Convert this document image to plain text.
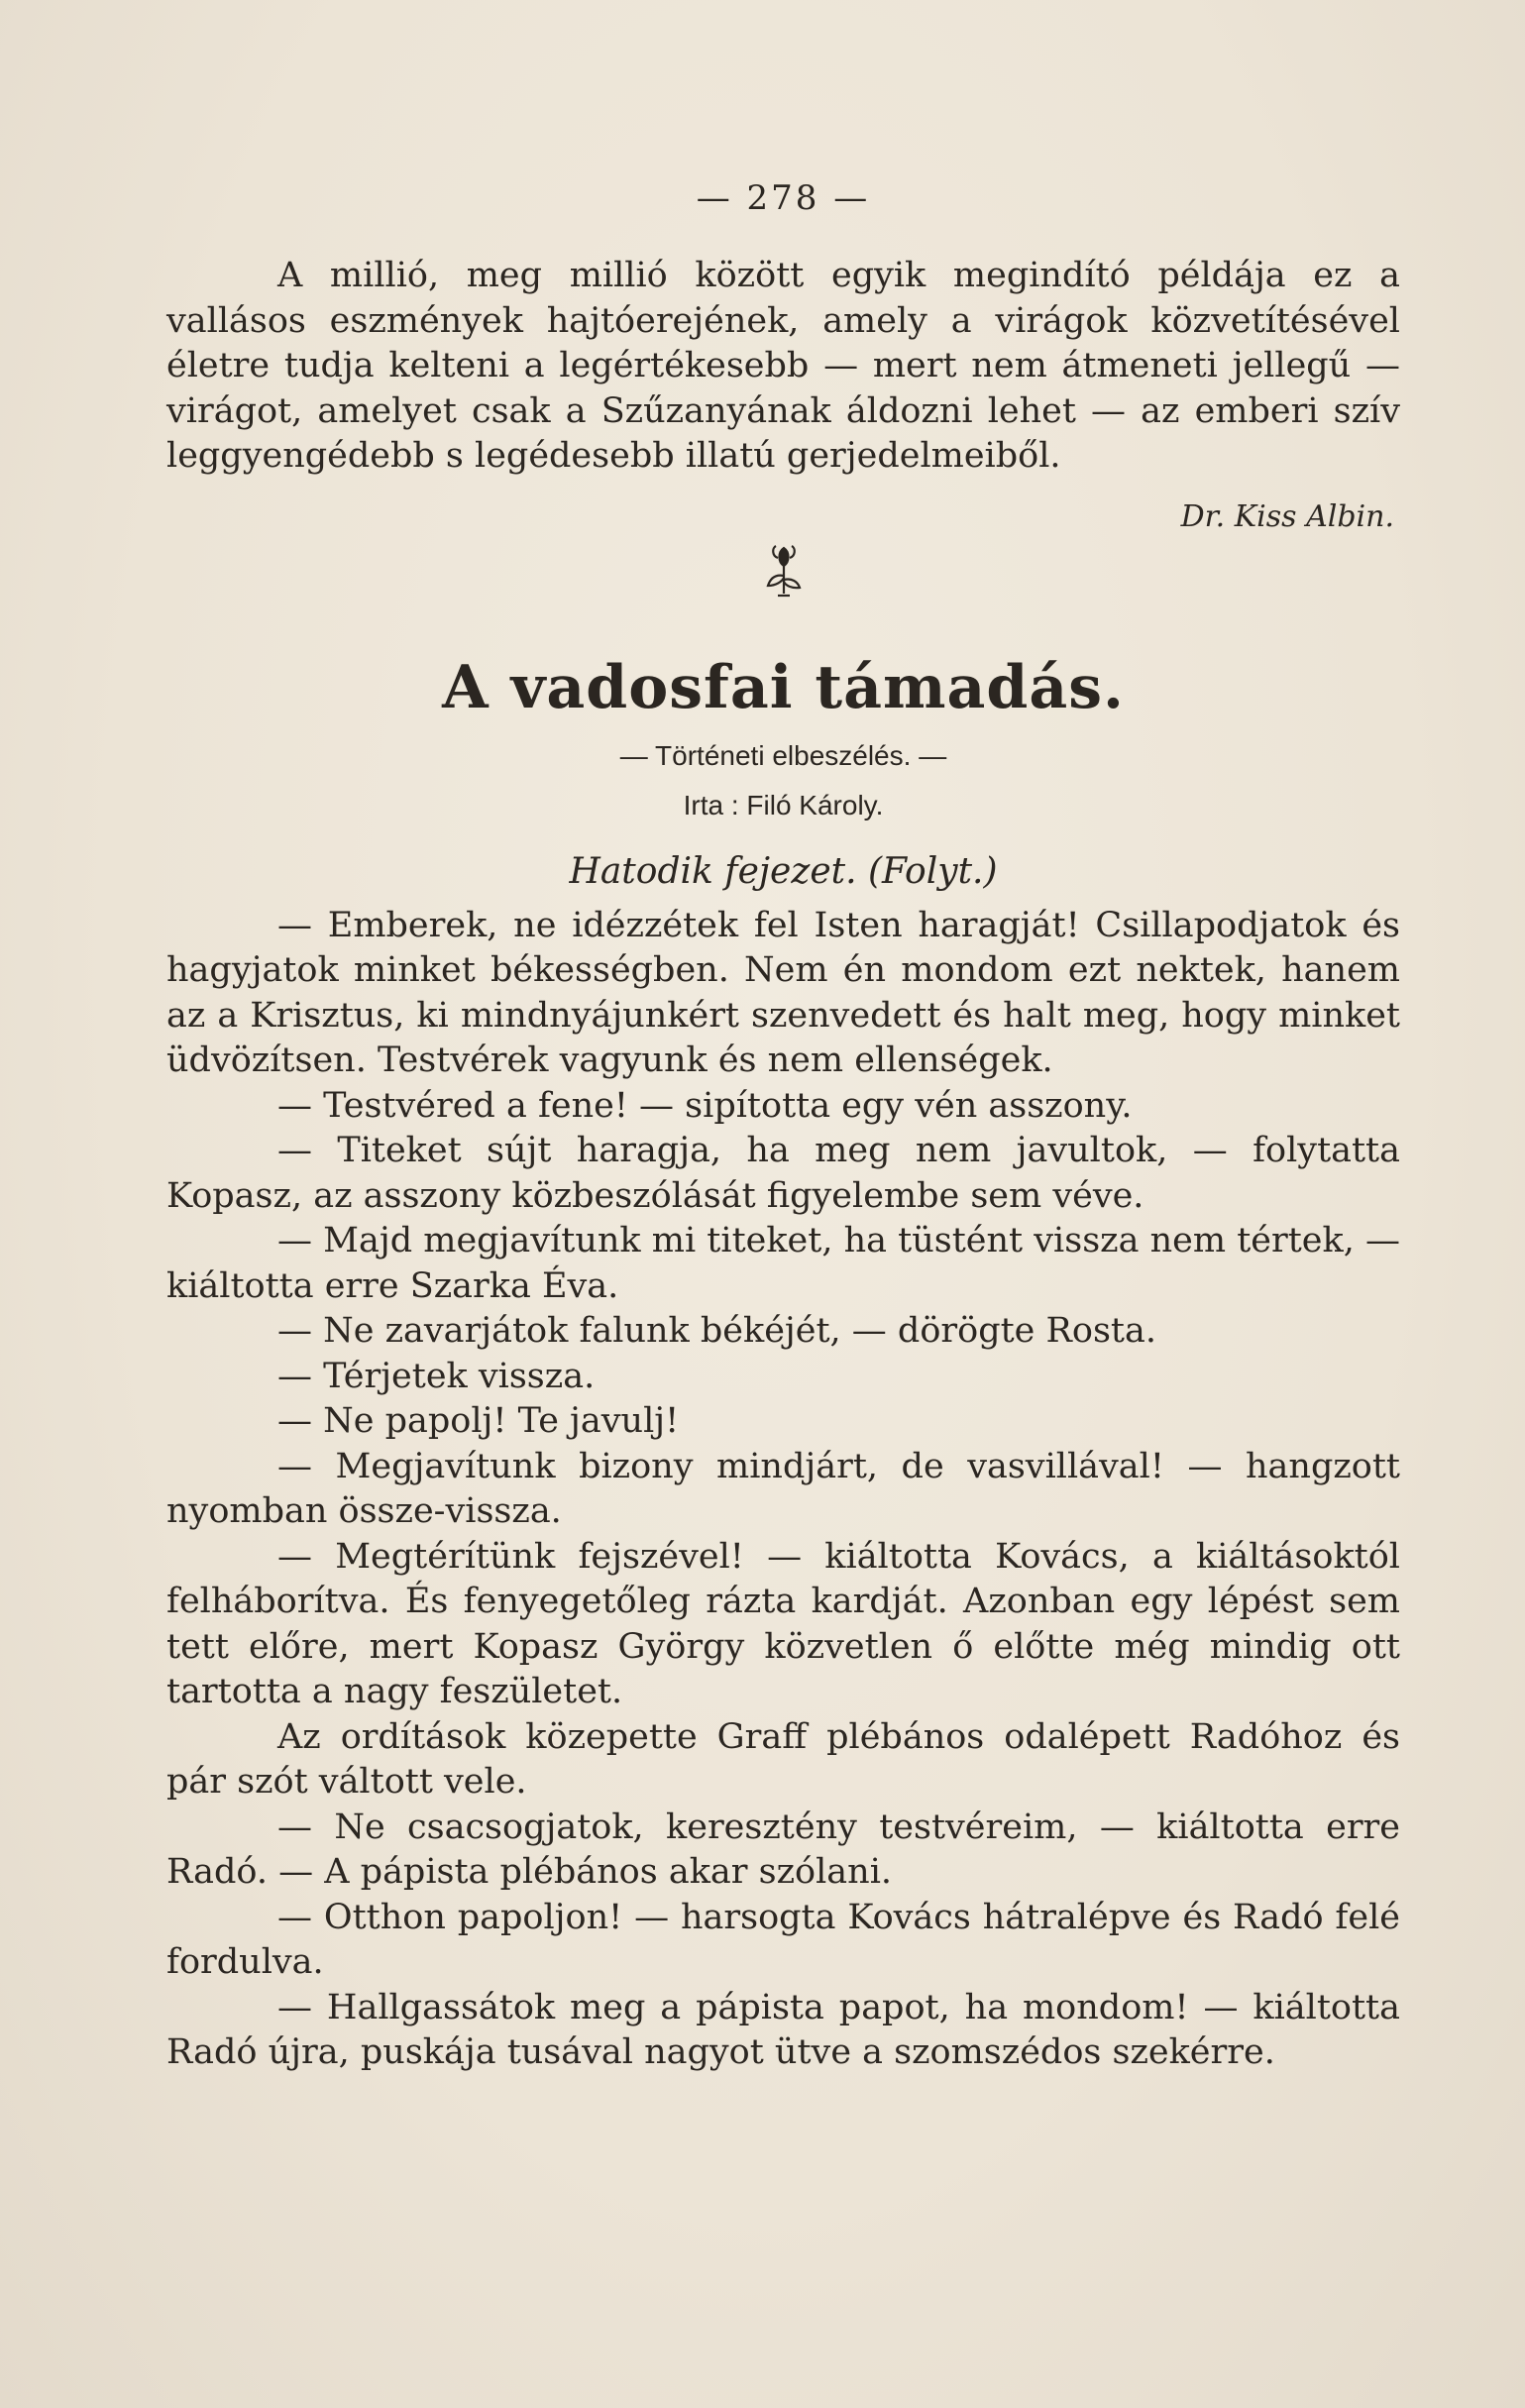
— 278 —

A millió, meg millió között egyik megindító példája ez a vallásos eszmények hajtóerejének, amely a virágok közvetítésével életre tudja kelteni a legértékesebb — mert nem átmeneti jellegű — virágot, amelyet csak a Szűzanyának áldozni lehet — az emberi szív leggyengédebb s legédesebb illatú gerjedelmeiből.

Dr. Kiss Albin.
A vadosfai támadás.
— Történeti elbeszélés. —
Irta : Filó Károly.
Hatodik fejezet. (Folyt.)

— Emberek, ne idézzétek fel Isten haragját! Csillapodjatok és hagyjatok minket békességben. Nem én mondom ezt nektek, hanem az a Krisztus, ki mindnyájunkért szenvedett és halt meg, hogy minket üdvözítsen. Testvérek vagyunk és nem ellenségek.

— Testvéred a fene! — sipította egy vén asszony.

— Titeket sújt haragja, ha meg nem javultok, — folytatta Kopasz, az asszony közbeszólását figyelembe sem véve.

— Majd megjavítunk mi titeket, ha tüstént vissza nem tértek, — kiáltotta erre Szarka Éva.

— Ne zavarjátok falunk békéjét, — dörögte Rosta.

— Térjetek vissza.

— Ne papolj! Te javulj!

— Megjavítunk bizony mindjárt, de vasvillával! — hangzott nyomban össze-vissza.

— Megtérítünk fejszével! — kiáltotta Kovács, a kiáltásoktól felháborítva. És fenyegetőleg rázta kardját. Azonban egy lépést sem tett előre, mert Kopasz György közvetlen ő előtte még mindig ott tartotta a nagy feszületet.

Az ordítások közepette Graff plébános odalépett Radóhoz és pár szót váltott vele.

— Ne csacsogjatok, keresztény testvéreim, — kiáltotta erre Radó. — A pápista plébános akar szólani.

— Otthon papoljon! — harsogta Kovács hátralépve és Radó felé fordulva.

— Hallgassátok meg a pápista papot, ha mondom! — kiáltotta Radó újra, puskája tusával nagyot ütve a szomszédos szekérre.
